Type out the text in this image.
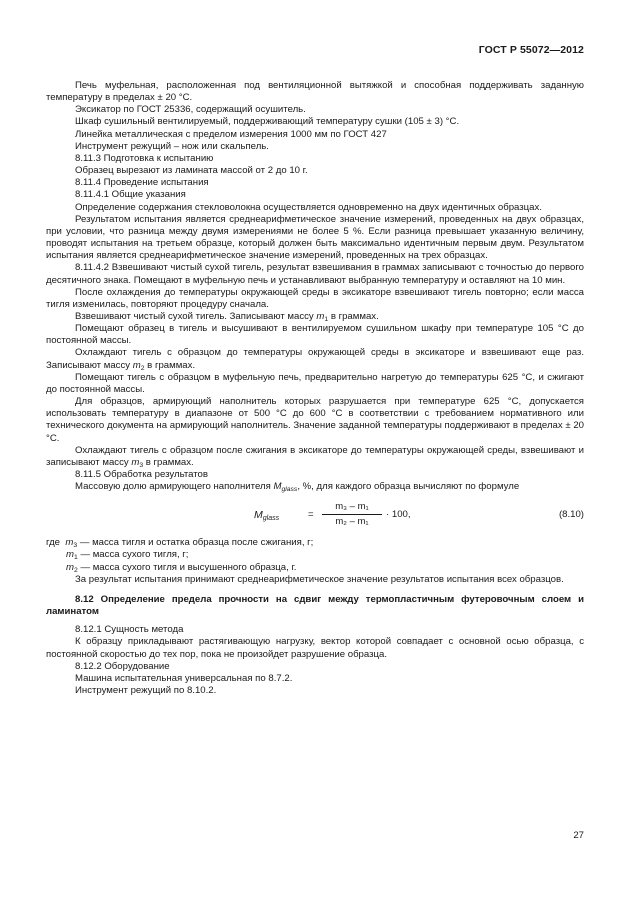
ГОСТ Р 55072—2012

Печь муфельная, расположенная под вентиляционной вытяжкой и способная поддерживать заданную температуру в пределах ± 20 °С.

Эксикатор по ГОСТ 25336, содержащий осушитель.

Шкаф сушильный вентилируемый, поддерживающий температуру сушки (105 ± 3) °С.

Линейка металлическая с пределом измерения 1000 мм по ГОСТ 427

Инструмент режущий – нож или скальпель.

8.11.3 Подготовка к испытанию

Образец вырезают из ламината массой от 2 до 10 г.

8.11.4 Проведение испытания

8.11.4.1 Общие указания

Определение содержания стекловолокна осуществляется одновременно на двух идентичных образцах.

Результатом испытания является среднеарифметическое значение измерений, проведенных на двух образцах, при условии, что разница между двумя измерениями не более 5 %. Если разница превышает указанную величину, проводят испытания на третьем образце, который должен быть максимально идентичным первым двум. Результатом испытания является среднеарифметическое значение измерений, проведенных на трех образцах.

8.11.4.2 Взвешивают чистый сухой тигель, результат взвешивания в граммах записывают с точностью до первого десятичного знака. Помещают в муфельную печь и устанавливают выбранную температуру и оставляют на 10 мин.

После охлаждения до температуры окружающей среды в эксикаторе взвешивают тигель повторно; если масса тигля изменилась, повторяют процедуру сначала.

Взвешивают чистый сухой тигель. Записывают массу $m_1$ в граммах.

Помещают образец в тигель и высушивают в вентилируемом сушильном шкафу при температуре 105 °С до постоянной массы.

Охлаждают тигель с образцом до температуры окружающей среды в эксикаторе и взвешивают еще раз. Записывают массу $m_2$ в граммах.

Помещают тигель с образцом в муфельную печь, предварительно нагретую до температуры 625 °С, и сжигают до постоянной массы.

Для образцов, армирующий наполнитель которых разрушается при температуре 625 °С, допускается использовать температуру в диапазоне от 500 °С до 600 °С в соответствии с требованием нормативного или технического документа на армирующий наполнитель. Значение заданной температуры поддерживают в пределах ± 20 °С.

Охлаждают тигель с образцом после сжигания в эксикаторе до температуры окружающей среды, взвешивают и записывают массу $m_3$ в граммах.

8.11.5 Обработка результатов

Массовую долю армирующего наполнителя $M_{glass}$, %, для каждого образца вычисляют по формуле

$M_{glass}$	= $\frac{\text{m₃ – m₁}}{\text{m₂ – m₁}} \cdot 100$,	(8.10)

где $m_3$ — масса тигля и остатка образца после сжигания, г;

$m_1$ — масса сухого тигля, г;

$m_2$ — масса сухого тигля и высушенного образца, г.

За результат испытания принимают среднеарифметическое значение результатов испытания всех образцов.

8.12 Определение предела прочности на сдвиг между термопластичным футеровочным слоем и ламинатом

8.12.1 Сущность метода

К образцу прикладывают растягивающую нагрузку, вектор которой совпадает с основной осью образца, с постоянной скоростью до тех пор, пока не произойдет разрушение образца.

8.12.2 Оборудование

Машина испытательная универсальная по 8.7.2.

Инструмент режущий по 8.10.2.

27
